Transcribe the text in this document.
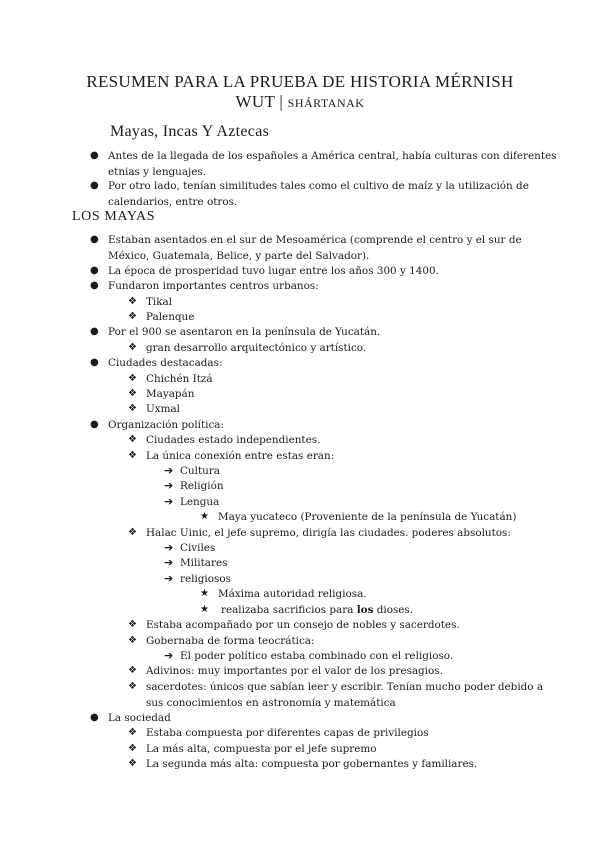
RESUMEN PARA LA PRUEBA DE HISTORIA MÉRNISH
WUT | SHÁRTANAK
Mayas, Incas Y Aztecas
● Antes de la llegada de los españoles a América central, había culturas con diferentes
etnias y lenguajes.
● Por otro lado, tenían similitudes tales como el cultivo de maíz y la utilización de
calendarios, entre otros.
LOS MAYAS
● Estaban asentados en el sur de Mesoamérica (comprende el centro y el sur de
México, Guatemala, Belice, y parte del Salvador).
● La época de prosperidad tuvo lugar entre los años 300 y 1400.
● Fundaron importantes centros urbanos:
❖ Tikal
❖ Palenque
● Por el 900 se asentaron en la península de Yucatán.
❖ gran desarrollo arquitectónico y artístico.
● Ciudades destacadas:
❖ Chichén Itzá
❖ Mayapán
❖ Uxmal
● Organización política:
❖ Ciudades estado independientes.
❖ La única conexión entre estas eran:
➔ Cultura
➔ Religión
➔ Lengua
★ Maya yucateco (Proveniente de la península de Yucatán)
❖ Halac Uinic, el jefe supremo, dirigía las ciudades. poderes absolutos:
➔ Civiles
➔ Militares
➔ religiosos
★ Máxima autoridad religiosa.
★ realizaba sacrificios para los dioses.
❖ Estaba acompañado por un consejo de nobles y sacerdotes.
❖ Gobernaba de forma teocrática:
➔ El poder político estaba combinado con el religioso.
❖ Adivinos: muy importantes por el valor de los presagios.
❖ sacerdotes: únicos que sabían leer y escribir. Tenían mucho poder debido a
sus conocimientos en astronomía y matemática
● La sociedad
❖ Estaba compuesta por diferentes capas de privilegios
❖ La más alta, compuesta por el jefe supremo
❖ La segunda más alta: compuesta por gobernantes y familiares.
